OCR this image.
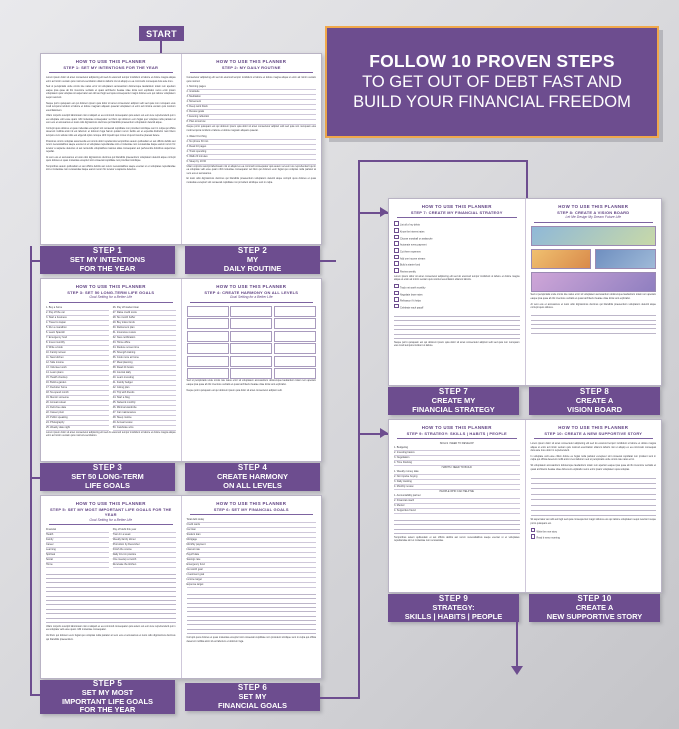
FOLLOW 10 PROVEN STEPS
TO GET OUT OF DEBT FAST AND
BUILD YOUR FINANCIAL FREEDOM
START
HOW TO USE THIS PLANNER
STEP 1: SET MY INTENTIONS FOR THE YEAR

Lorem ipsum dolor sit amet consectetur adipiscing elit sed do eiusmod tempor incididunt ut labore et dolore magna aliqua enim ad minim veniam quis nostrud exercitation ullamco laboris nisi ut aliquip ex ea commodo consequat duis aute irure.

Sed ut perspiciatis unde omnis iste natus error sit voluptatem accusantium doloremque laudantium totam rem aperiam eaque ipsa quae ab illo inventore veritatis et quasi architecto beatae vitae dicta sunt explicabo nemo enim ipsam voluptatem quia voluptas sit aspernatur aut odit aut fugit sed quia consequuntur magni dolores eos qui ratione voluptatem sequi nesciunt.

Neque porro quisquam est qui dolorem ipsum quia dolor sit amet consectetur adipisci velit sed quia non numquam eius modi tempora incidunt ut labore et dolore magnam aliquam quaerat voluptatem ut enim ad minima veniam quis nostrum exercitationem.

Ullam corporis suscipit laboriosam nisi ut aliquid ex ea commodi consequatur quis autem vel eum iure reprehenderit qui in ea voluptate velit esse quam nihil molestiae consequatur vel illum qui dolorem eum fugiat quo voluptas nulla pariatur at vero eos et accusamus et iusto odio dignissimos ducimus qui blanditiis praesentium voluptatum deleniti atque.

Corrupti quos dolores et quas molestias excepturi sint occaecati cupiditate non provident similique sunt in culpa qui officia deserunt mollitia animi id est laborum et dolorum fuga harum quidem rerum facilis est et expedita distinctio nam libero tempore cum soluta nobis est eligendi optio cumque nihil impedit quo minus id quod maxime placeat facere.

Possimus omnis voluptas assumenda est omnis dolor repellendus temporibus autem quibusdam et aut officiis debitis aut rerum necessitatibus saepe eveniet ut et voluptates repudiandae sint et molestiae non recusandae itaque earum rerum hic tenetur a sapiente delectus ut aut reiciendis voluptatibus maiores alias consequatur aut perferendis doloribus asperiores repellat.

At vero eos et accusamus et iusto odio dignissimos ducimus qui blanditiis praesentium voluptatum deleniti atque corrupti quos dolores et quas molestias excepturi sint occaecati cupiditate non provident similique.

Temporibus autem quibusdam et aut officiis debitis aut rerum necessitatibus saepe eveniet ut et voluptates repudiandae sint et molestiae non recusandae itaque earum rerum hic tenetur a sapiente delectus.

HOW TO USE THIS PLANNER
STEP 2: MY DAILY ROUTINE

Consectetur adipiscing elit sed do eiusmod tempor incididunt ut labore et dolore magna aliqua ut enim ad minim veniam quis nostrud.

1. Morning pages
2. Gratitude
3. Meditation
4. Movement
5. Deep work block
6. Review goals
7. Evening reflection
8. Plan tomorrow

Neque porro quisquam est qui dolorem ipsum quia dolor sit amet consectetur adipisci velit sed quia non numquam eius modi tempora incidunt ut labore et dolore magnam aliquam quaerat.

1. Water first thing
2. No phone 30 min
3. Read 10 pages
4. Track spending
5. Walk 20 minutes
6. Sleep by 10:30

Ullam corporis suscipit laboriosam nisi ut aliquid ex ea commodi consequatur quis autem vel eum iure reprehenderit qui in ea voluptate velit esse quam nihil molestiae consequatur vel illum qui dolorem eum fugiat quo voluptas nulla pariatur at vero eos et accusamus.

Et iusto odio dignissimos ducimus qui blanditiis praesentium voluptatum deleniti atque corrupti quos dolores et quas molestias excepturi sint occaecati cupiditate non provident similique sunt in culpa.

STEP 1
SET MY INTENTIONS
FOR THE YEAR
STEP 2
MY
DAILY ROUTINE
HOW TO USE THIS PLANNER
STEP 3: SET 50 LONG-TERM LIFE GOALS
Goal Setting for a Better Life
1. Buy a home
2. Pay off the car
3. Start a business
4. Travel to Japan
5. Run a marathon
6. Learn Spanish
7. Emergency fund
8. Invest monthly
9. Write a book
10. Family retreat
11. New kitchen
12. Side income
13. Volunteer work
14. Learn piano
15. Health checkup
16. Build a garden
17. Declutter home
18. No-spend month
19. Mentor someone
20. Annual retreat
21. Debt-free date
22. Career pivot
23. Public speaking
24. Photography
25. Weekly date night
26. Pay off student loan
27. Raise credit score
28. Six-month buffer
29. Buy index funds
30. Retirement plan
31. Insurance review
32. New certification
33. Home office
34. Reduce screen time
35. Strength training
36. Cook more at home
37. Meal planning
38. Read 24 books
39. Journal daily
40. Learn investing
41. Family budget
42. Giving plan
43. Trip with friends
44. Start a blog
45. Network monthly
46. Minimal wardrobe
47. Car maintenance
48. Sleep routine
49. Annual review
50. Celebrate wins

Lorem ipsum dolor sit amet consectetur adipiscing elit sed do eiusmod tempor incididunt ut labore et dolore magna aliqua enim ad minim veniam quis nostrud exercitation.

HOW TO USE THIS PLANNER
STEP 4: CREATE HARMONY ON ALL LEVELS
Goal Setting for a Better Life

Sed ut perspiciatis unde omnis iste natus error sit voluptatem accusantium doloremque laudantium totam rem aperiam eaque ipsa quae ab illo inventore veritatis et quasi architecto beatae vitae dicta sunt explicabo.

Neque porro quisquam est qui dolorem ipsum quia dolor sit amet consectetur adipisci velit.

STEP 3
SET 50 LONG-TERM
LIFE GOALS
STEP 4
CREATE HARMONY
ON ALL LEVELS
HOW TO USE THIS PLANNER
STEP 5: SET MY MOST IMPORTANT LIFE GOALS FOR THE YEAR
Goal Setting for a Better Life
Financial
Health
Family
Career
Learning
Spiritual
Social
Home
Pay off debt this year
Train 4× a week
Weekly family dinner
Promotion by December
Finish the course
Daily 10-min practice
One meetup a month
Renovate the kitchen

Ullam corporis suscipit laboriosam nisi ut aliquid ex ea commodi consequatur quis autem vel eum iure reprehenderit qui in ea voluptate velit esse quam nihil molestiae consequatur.

Vel illum qui dolorem eum fugiat quo voluptas nulla pariatur at vero eos et accusamus et iusto odio dignissimos ducimus qui blanditiis praesentium.

HOW TO USE THIS PLANNER
STEP 6: SET MY FINANCIAL GOALS
Total debt today
Credit cards
Car loan
Student loan
Mortgage
Monthly payment
Interest rate
Payoff date
Savings rate
Emergency fund
Net worth goal
Investment goal
Income target
Expense target

Corrupti quos dolores et quas molestias excepturi sint occaecati cupiditate non provident similique sunt in culpa qui officia deserunt mollitia animi id est laborum et dolorum fuga.

STEP 5
SET MY MOST
IMPORTANT LIFE GOALS
FOR THE YEAR
STEP 6
SET MY
FINANCIAL GOALS
HOW TO USE THIS PLANNER
STEP 7: CREATE MY FINANCIAL STRATEGY
List all of my debts
Know the interest rates
Choose snowball or avalanche
Automate every payment
Cut three expenses
Add one income stream
Build a starter fund
Review weekly

Lorem ipsum dolor sit amet consectetur adipiscing elit sed do eiusmod tempor incididunt ut labore et dolore magna aliqua ut enim ad minim veniam quis nostrud exercitation ullamco laboris.

Track net worth monthly
Negotiate lower rates
Refinance if it helps
Celebrate each payoff

Neque porro quisquam est qui dolorem ipsum quia dolor sit amet consectetur adipisci velit sed quia non numquam eius modi tempora incidunt ut labore.

HOW TO USE THIS PLANNER
STEP 8: CREATE A VISION BOARD
Let Me Design My Dream Future Life

Sed ut perspiciatis unde omnis iste natus error sit voluptatem accusantium doloremque laudantium totam rem aperiam eaque ipsa quae ab illo inventore veritatis et quasi architecto beatae vitae dicta sunt explicabo.

At vero eos et accusamus et iusto odio dignissimos ducimus qui blanditiis praesentium voluptatum deleniti atque corrupti quos dolores.

STEP 7
CREATE MY
FINANCIAL STRATEGY
STEP 8
CREATE A
VISION BOARD
HOW TO USE THIS PLANNER
STEP 9: STRATEGY: SKILLS | HABITS | PEOPLE
SKILLS I NEED TO DEVELOP
1. Budgeting
2. Investing basics
3. Negotiation
4. Time blocking
HABITS I NEED TO BUILD
1. Weekly money date
2. No impulse buying
3. Daily tracking
4. Monthly review
PEOPLE WHO CAN HELP ME
1. Accountability partner
2. Financial coach
3. Mentor
4. Supportive friend

Temporibus autem quibusdam et aut officiis debitis aut rerum necessitatibus saepe eveniet ut et voluptates repudiandae sint et molestiae non recusandae.

HOW TO USE THIS PLANNER
STEP 10: CREATE A NEW SUPPORTIVE STORY

Lorem ipsum dolor sit amet consectetur adipiscing elit sed do eiusmod tempor incididunt ut labore et dolore magna aliqua ut enim ad minim veniam quis nostrud exercitation ullamco laboris nisi ut aliquip ex ea commodo consequat duis aute irure dolor in reprehenderit.

In voluptate velit esse cillum dolore eu fugiat nulla pariatur excepteur sint occaecat cupidatat non proident sunt in culpa qui officia deserunt mollit anim id est laborum sed ut perspiciatis unde omnis iste natus error.

Sit voluptatem accusantium doloremque laudantium totam rem aperiam eaque ipsa quae ab illo inventore veritatis et quasi architecto beatae vitae dicta sunt explicabo nemo enim ipsam voluptatem quia voluptas.

Sit aspernatur aut odit aut fugit sed quia consequuntur magni dolores eos qui ratione voluptatem sequi nesciunt neque porro quisquam est.

Write the new story
Read it every morning
STEP 9
STRATEGY:
SKILLS | HABITS | PEOPLE
STEP 10
CREATE A
NEW SUPPORTIVE STORY
